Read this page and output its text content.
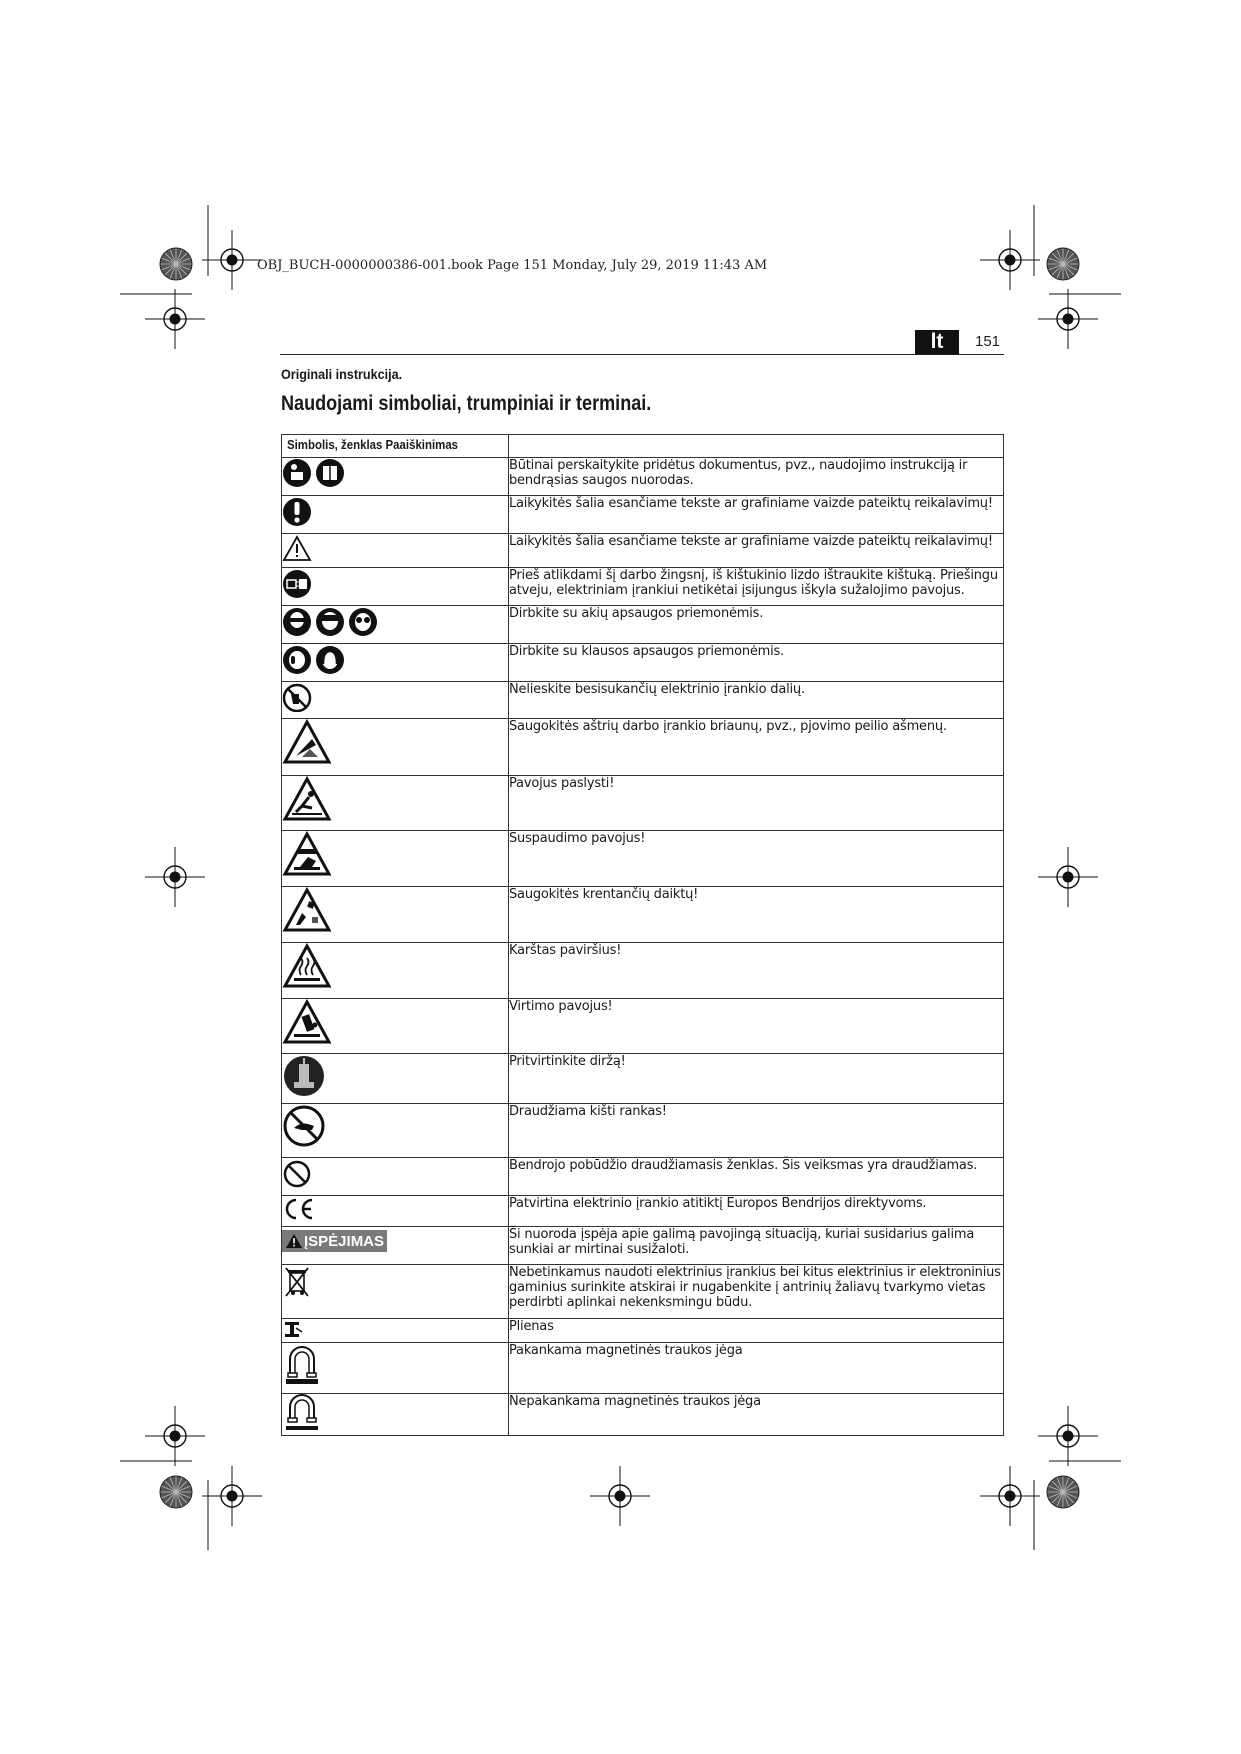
OBJ_BUCH-0000000386-001.book Page 151 Monday, July 29, 2019 11:43 AM
lt	151
Originali instrukcija.
Naudojami simboliai, trumpiniai ir terminai.
Simbolis, ženklas Paaiškinimas	

	Būtinai perskaitykite pridėtus dokumentus, pvz., naudojimo instrukciją ir bendrąsias saugos nuorodas.

	Laikykitės šalia esančiame tekste ar grafiniame vaizde pateiktų reikalavimų!

	Laikykitės šalia esančiame tekste ar grafiniame vaizde pateiktų reikalavimų!

	Prieš atlikdami šį darbo žingsnį, iš kištukinio lizdo ištraukite kištuką. Priešingu atveju, elektriniam įrankiui netikėtai įsijungus iškyla sužalojimo pavojus.

	Dirbkite su akių apsaugos priemonėmis.

	Dirbkite su klausos apsaugos priemonėmis.

	Nelieskite besisukančių elektrinio įrankio dalių.

	Saugokitės aštrių darbo įrankio briaunų, pvz., pjovimo peilio ašmenų.

	Pavojus paslysti!

	Suspaudimo pavojus!

	Saugokitės krentančių daiktų!

	Karštas paviršius!

	Virtimo pavojus!

	Pritvirtinkite diržą!

	Draudžiama kišti rankas!

	Bendrojo pobūdžio draudžiamasis ženklas. Šis veiksmas yra draudžiamas.

	Patvirtina elektrinio įrankio atitiktį Europos Bendrijos direktyvoms.

ĮSPĖJIMAS	Ši nuoroda įspėja apie galimą pavojingą situaciją, kuriai susidarius galima sunkiai ar mirtinai susižaloti.

	Nebetinkamus naudoti elektrinius įrankius bei kitus elektrinius ir elektroninius gaminius surinkite atskirai ir nugabenkite į antrinių žaliavų tvarkymo vietas perdirbti aplinkai nekenksmingu būdu.

	Plienas

	Pakankama magnetinės traukos jėga

	Nepakankama magnetinės traukos jėga
